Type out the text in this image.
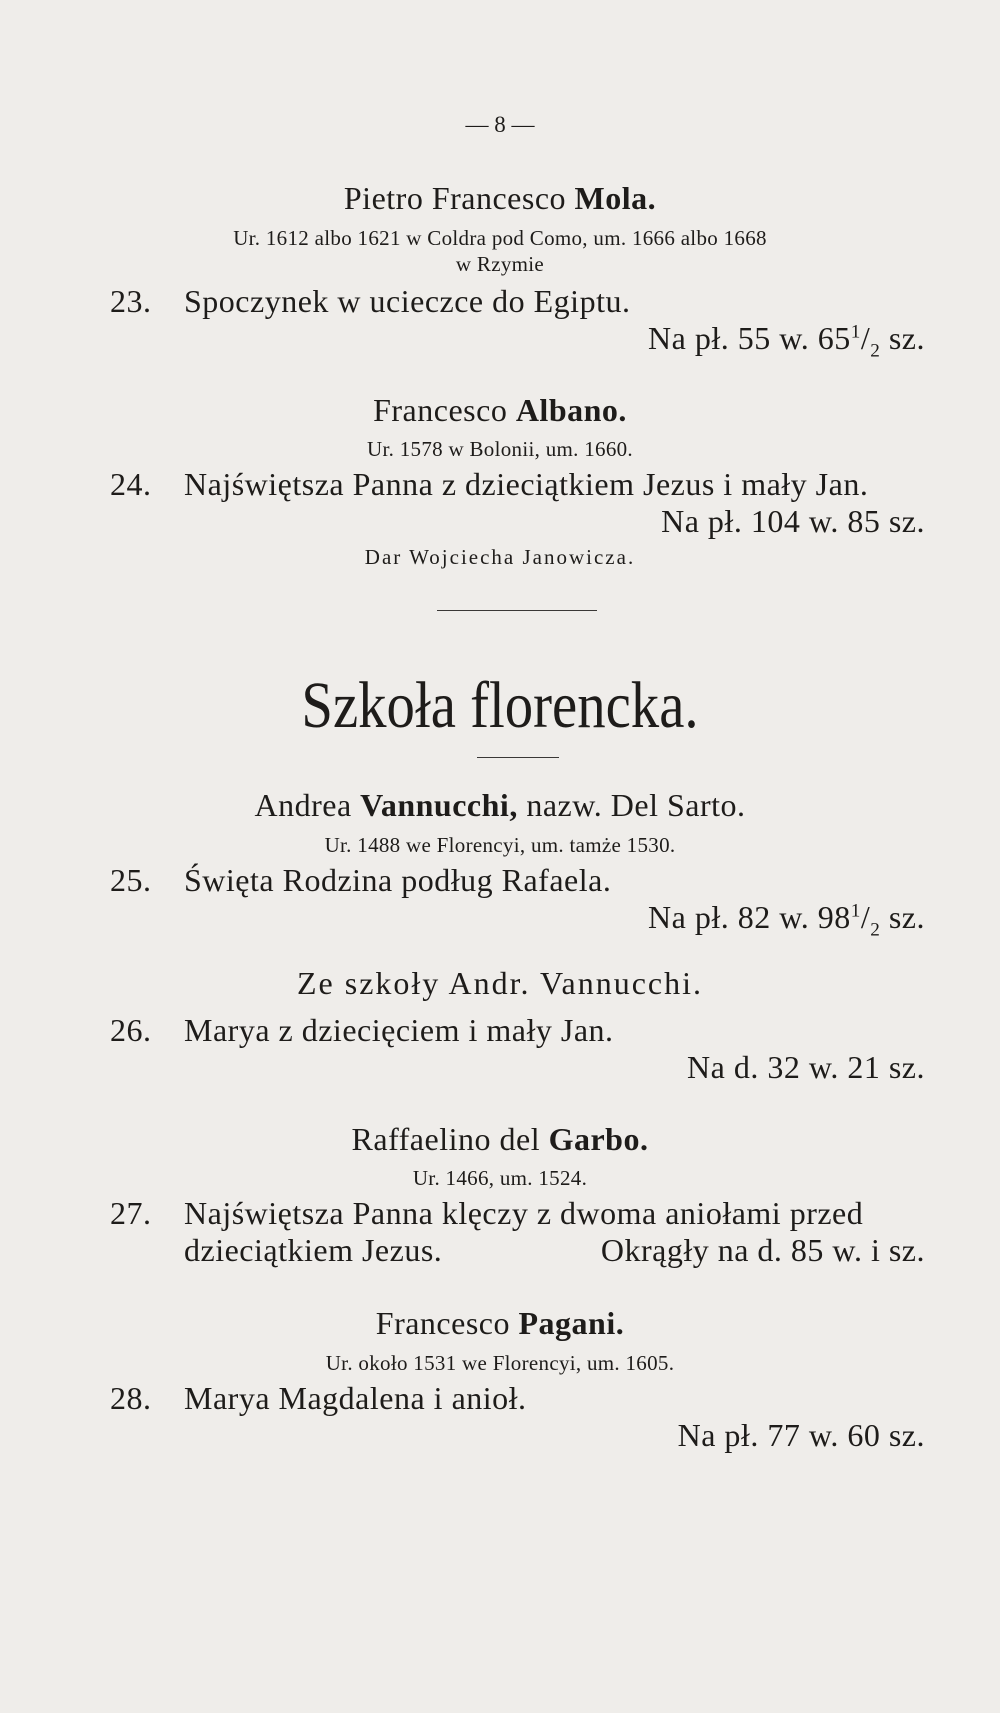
— 8 —
Pietro Francesco Mola.
Ur. 1612 albo 1621 w Coldra pod Como, um. 1666 albo 1668
w Rzymie
23. Spoczynek w ucieczce do Egiptu.
Na pł. 55 w. $65^1/_2$ sz.
Francesco Albano.
Ur. 1578 w Bolonii, um. 1660.
24. Najświętsza Panna z dzieciątkiem Jezus i mały Jan.
Na pł. 104 w. 85 sz.
Dar Wojciecha Janowicza.
Szkoła florencka.
Andrea Vannucchi, nazw. Del Sarto.
Ur. 1488 we Florencyi, um. tamże 1530.
25. Święta Rodzina podług Rafaela.
Na pł. 82 w. $98^1/_2$ sz.
Ze szkoły Andr. Vannucchi.
26. Marya z dziecięciem i mały Jan.
Na d. 32 w. 21 sz.
Raffaelino del Garbo.
Ur. 1466, um. 1524.
27. Najświętsza Panna klęczy z dwoma aniołami przed
dzieciątkiem Jezus.	Okrągły na d. 85 w. i sz.
Francesco Pagani.
Ur. około 1531 we Florencyi, um. 1605.
28. Marya Magdalena i anioł.
Na pł. 77 w. 60 sz.
